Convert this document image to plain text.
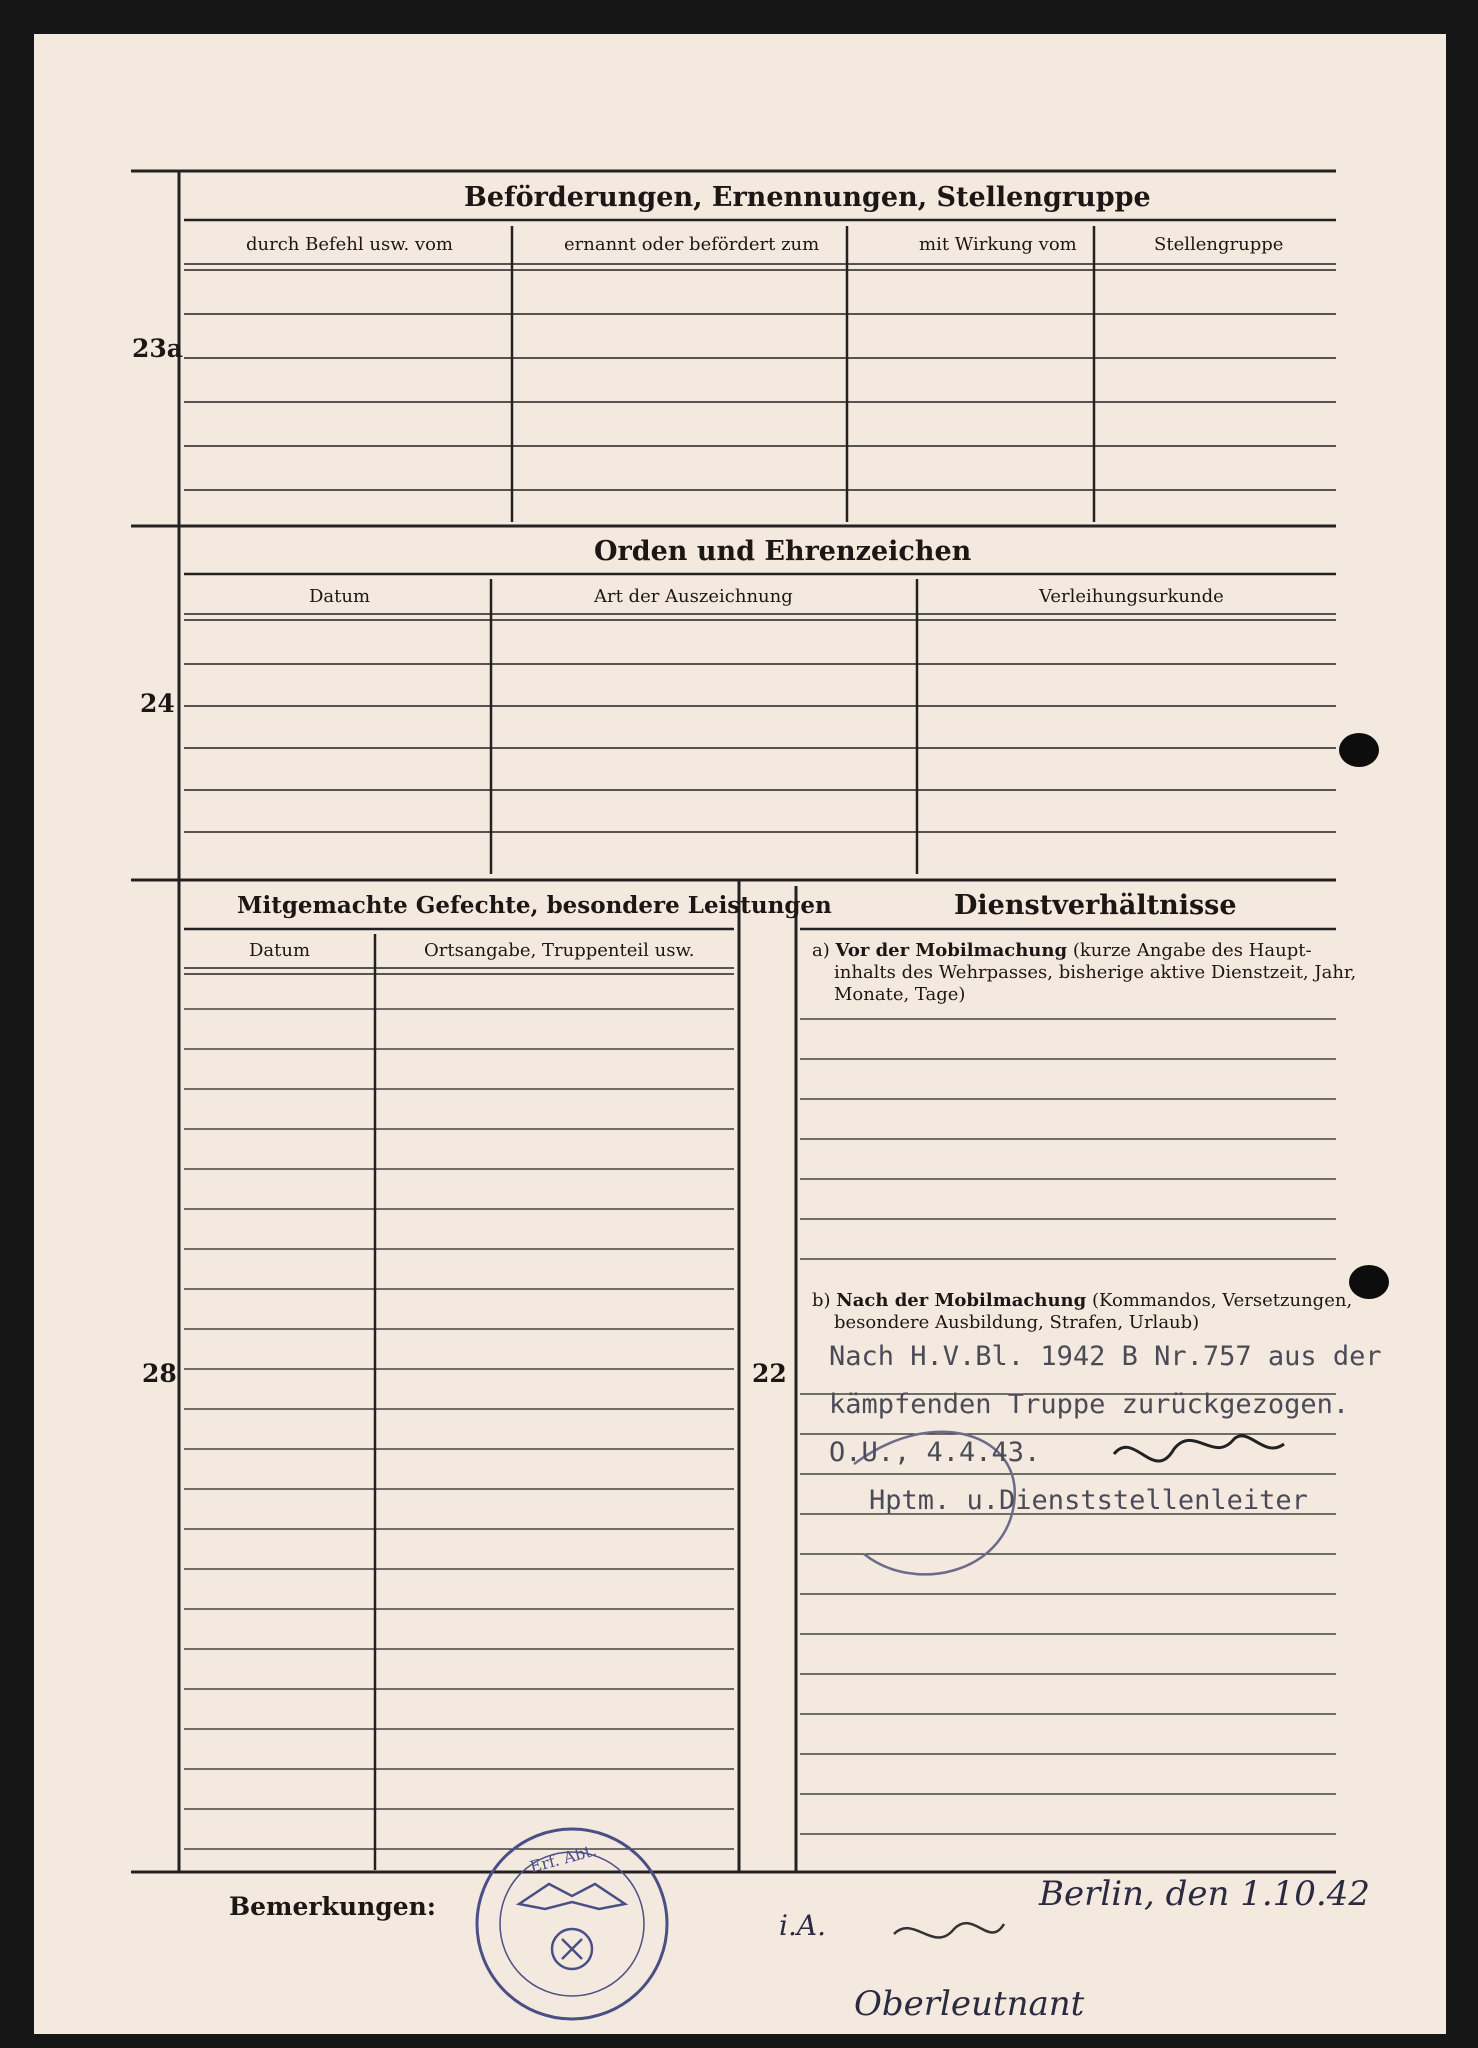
23a
Beförderungen, Ernennungen, Stellengruppe
durch Befehl usw. vom	ernannt oder befördert zum	mit Wirkung vom	Stellengruppe
24
Orden und Ehrenzeichen
Datum	Art der Auszeichnung	Verleihungsurkunde
28
Mitgemachte Gefechte, besondere Leistungen
Datum	Ortsangabe, Truppenteil usw.
22
Dienstverhältnisse
a) Vor der Mobilmachung (kurze Angabe des Haupt-
inhalts des Wehrpasses, bisherige aktive Dienstzeit, Jahr,
Monate, Tage)
b) Nach der Mobilmachung (Kommandos, Versetzungen,
besondere Ausbildung, Strafen, Urlaub)
Nach H.V.Bl. 1942 B Nr.757 aus der
kämpfenden Truppe zurückgezogen.
O.U., 4.4.43.
Hptm. u.Dienststellenleiter
Bemerkungen:	Berlin, den 1.10.42
i.A.
Oberleutnant
Erf. Abt.
